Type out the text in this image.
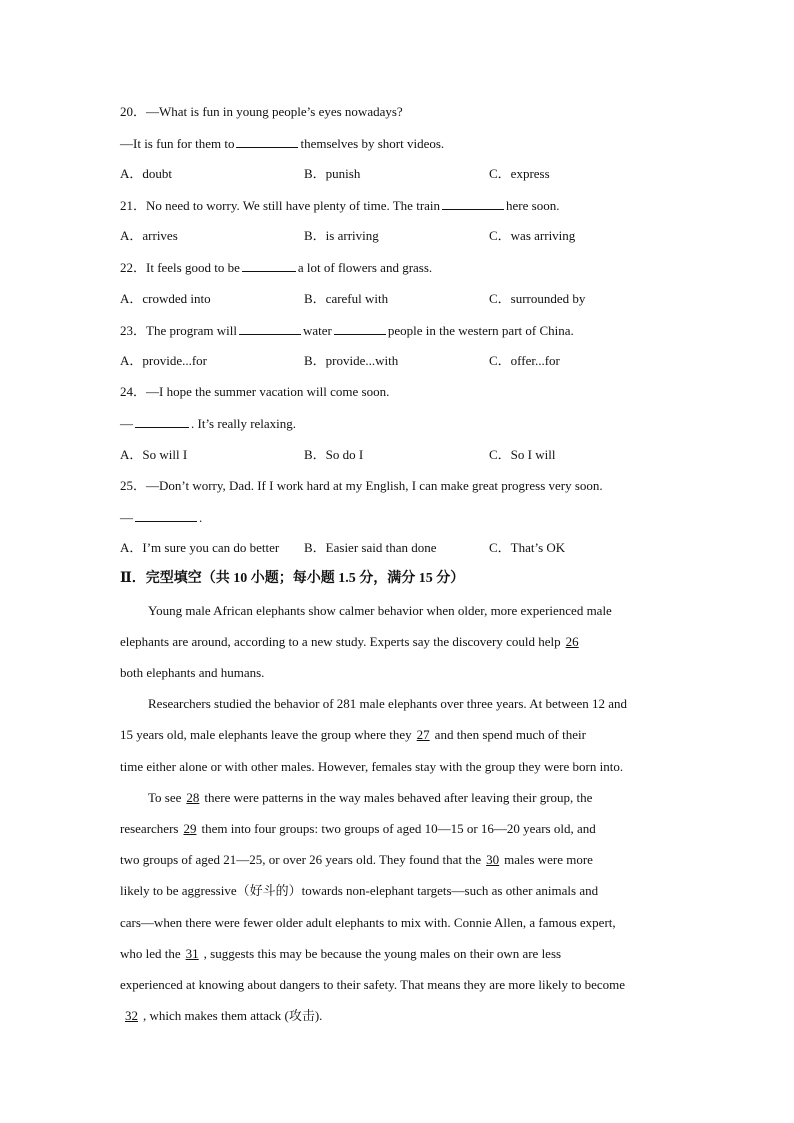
20．—What is fun in young people’s eyes nowadays?
—It is fun for them to	themselves by short videos.
A．doubt	B．punish	C．express
21．No need to worry. We still have plenty of time. The train	here soon.
A．arrives	B．is arriving	C．was arriving
22．It feels good to be	a lot of flowers and grass.
A．crowded into	B．careful with	C．surrounded by
23．The program will	water	people in the western part of China.
A．provide...for	B．provide...with	C．offer...for
24．—I hope the summer vacation will come soon.
—	. It’s really relaxing.
A．So will I	B．So do I	C．So I will
25．—Don’t worry, Dad. If I work hard at my English, I can make great progress very soon.
—	.
A．I’m sure you can do better B．Easier said than done	C．That’s OK
Ⅱ．完型填空（共 10 小题；每小题 1.5 分，满分 15 分）
Young male African elephants show calmer behavior when older, more experienced male
elephants are around, according to a new study. Experts say the discovery could help 26
both elephants and humans.
Researchers studied the behavior of 281 male elephants over three years. At between 12 and
15 years old, male elephants leave the group where they 27 and then spend much of their
time either alone or with other males. However, females stay with the group they were born into.
To see 28 there were patterns in the way males behaved after leaving their group, the
researchers 29 them into four groups: two groups of aged 10—15 or 16—20 years old, and
two groups of aged 21—25, or over 26 years old. They found that the 30 males were more
likely to be aggressive（好斗的）towards non-elephant targets—such as other animals and
cars—when there were fewer older adult elephants to mix with. Connie Allen, a famous expert,
who led the 31 , suggests this may be because the young males on their own are less
experienced at knowing about dangers to their safety. That means they are more likely to become
32 , which makes them attack (攻击).
